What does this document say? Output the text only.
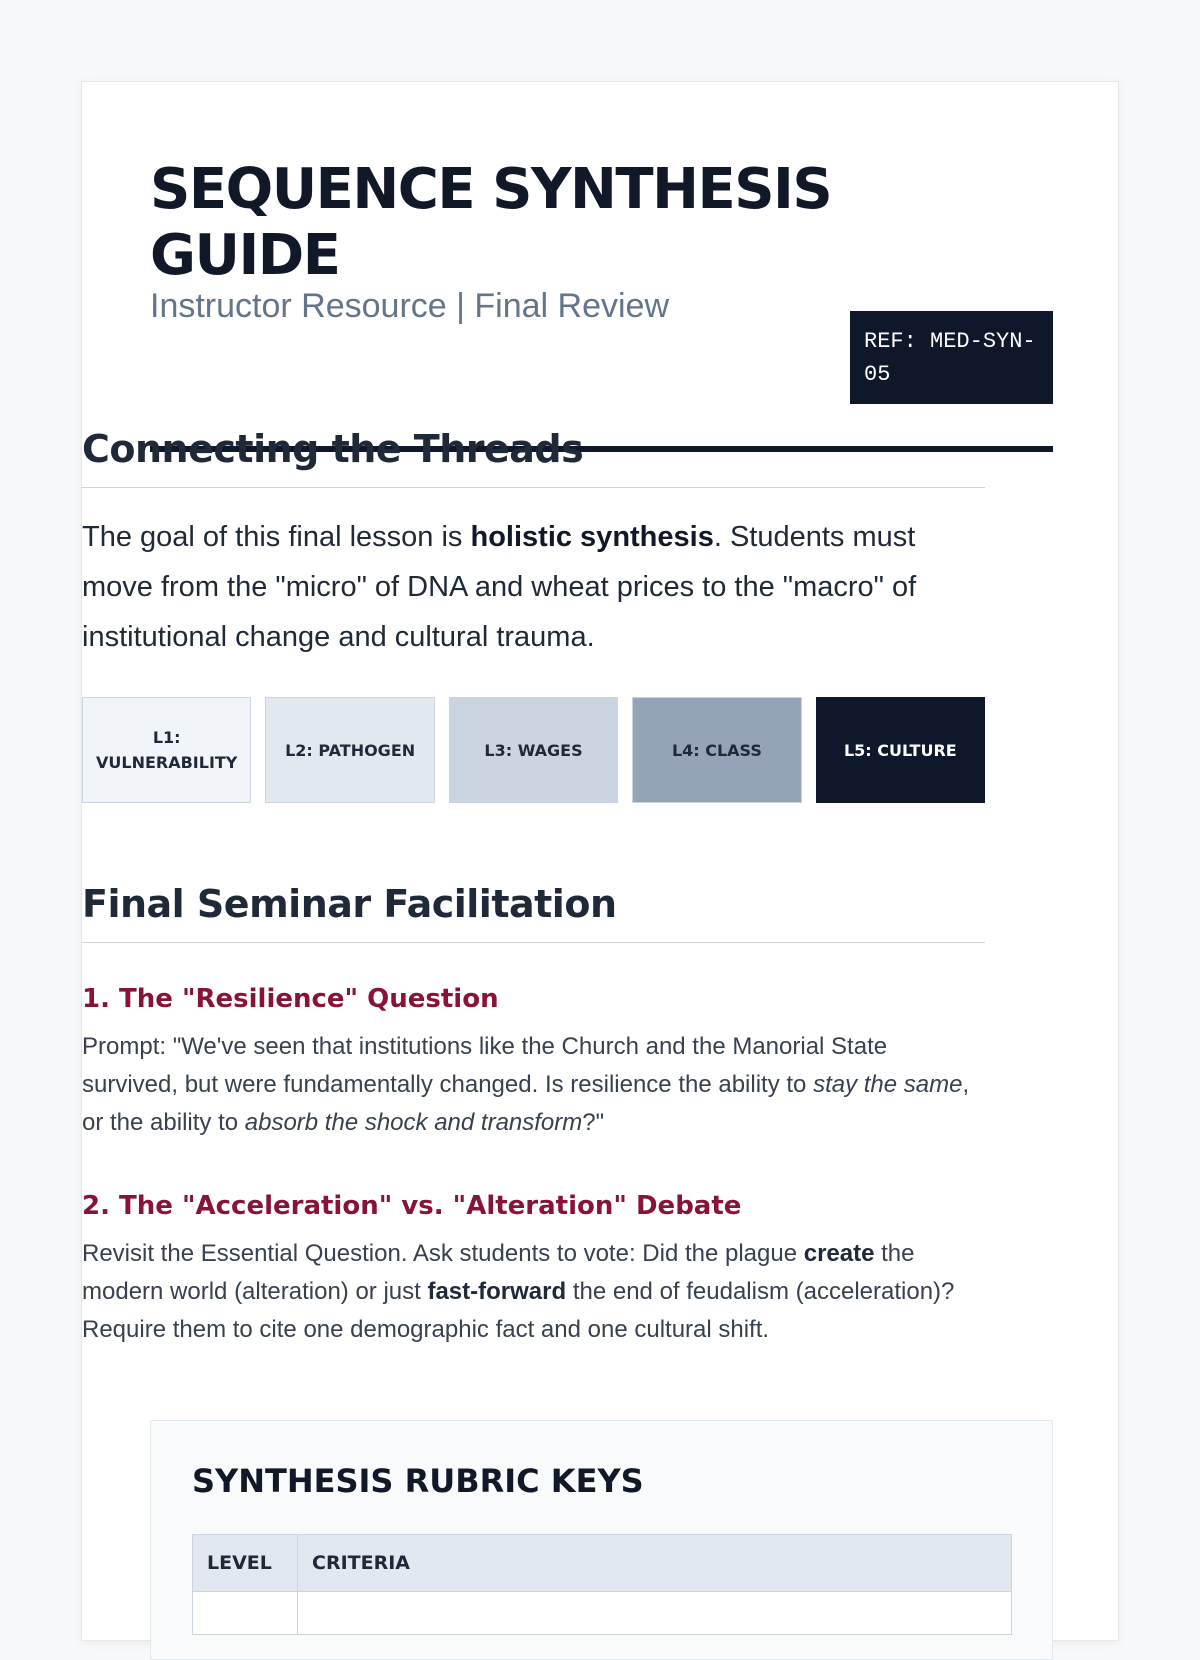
SEQUENCE SYNTHESIS GUIDE
Instructor Resource | Final Review
REF: MED-SYN-05
Connecting the Threads

The goal of this final lesson is holistic synthesis. Students must move from the "micro" of DNA and wheat prices to the "macro" of institutional change and cultural trauma.

L1: VULNERABILITY
L2: PATHOGEN	L3: WAGES	L4: CLASS	L5: CULTURE
Final Seminar Facilitation
1. The "Resilience" Question

Prompt: "We've seen that institutions like the Church and the Manorial State survived, but were fundamentally changed. Is resilience the ability to stay the same, or the ability to absorb the shock and transform?"

2. The "Acceleration" vs. "Alteration" Debate

Revisit the Essential Question. Ask students to vote: Did the plague create the modern world (alteration) or just fast-forward the end of feudalism (acceleration)? Require them to cite one demographic fact and one cultural shift.

SYNTHESIS RUBRIC KEYS
LEVEL	CRITERIA
